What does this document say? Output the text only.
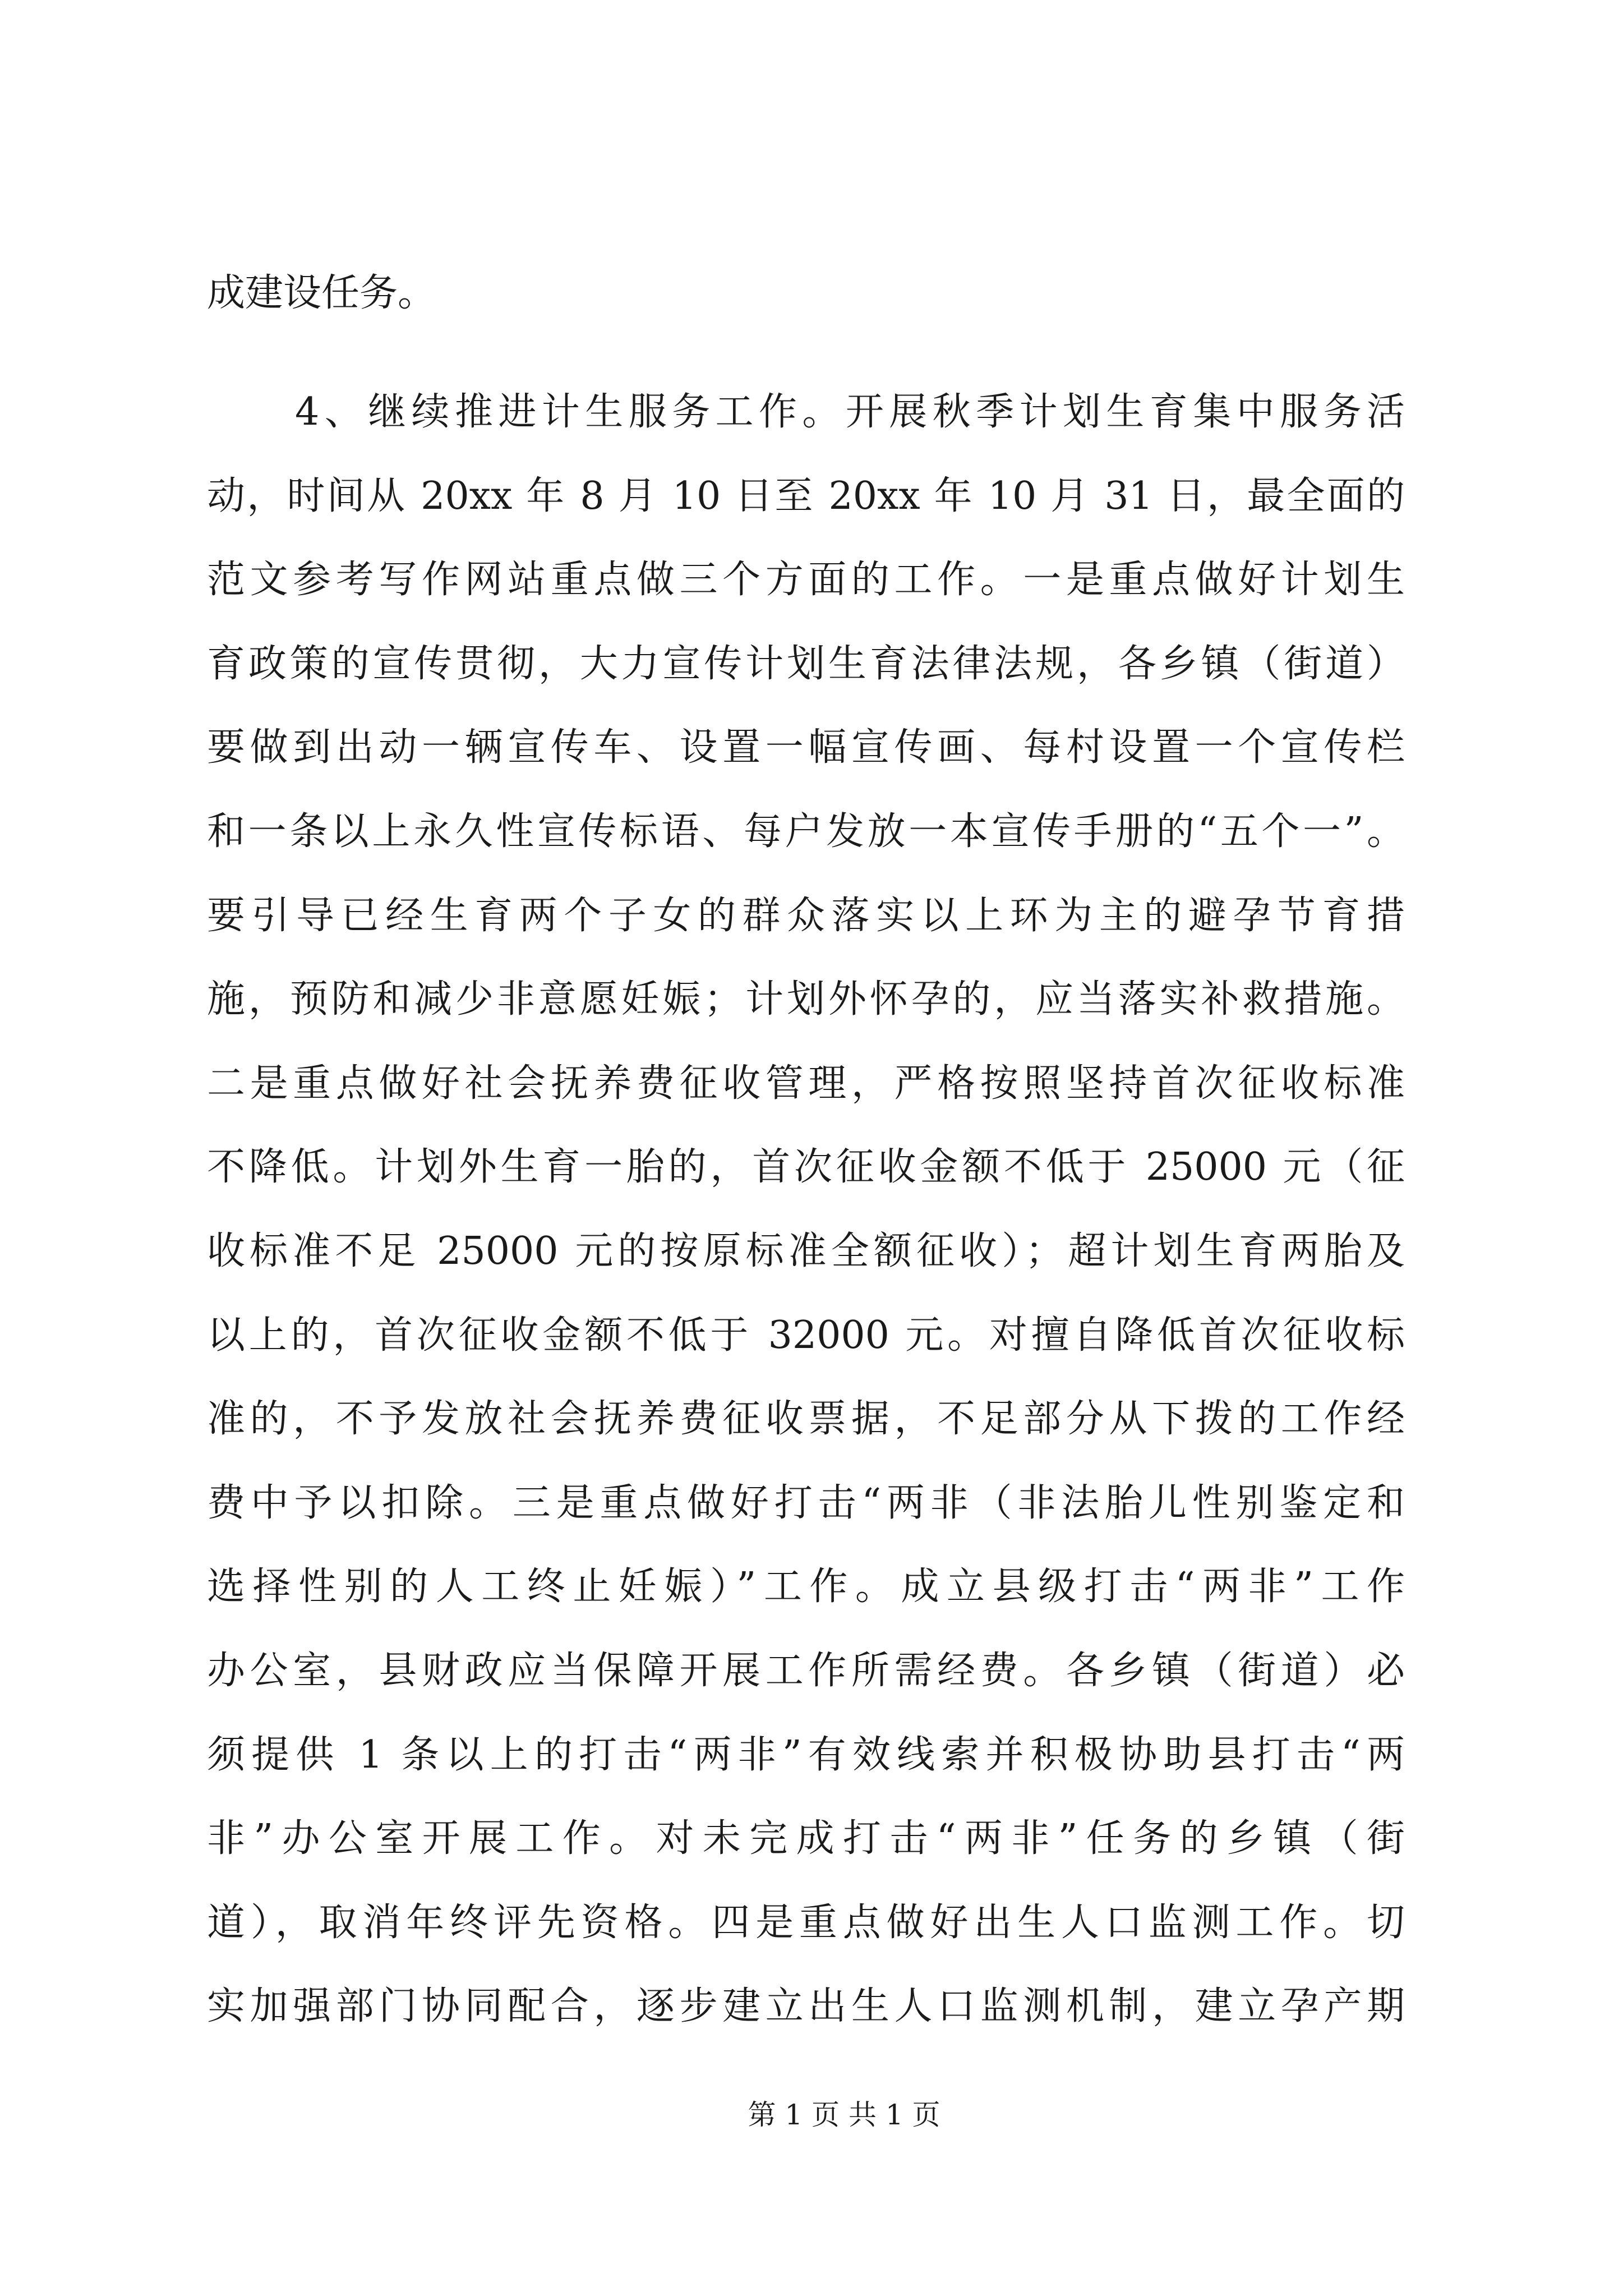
成建设任务。
4、继续推进计生服务工作。开展秋季计划生育集中服务活
动，时间从 20xx 年 8 月 10 日至 20xx 年 10 月 31 日，最全面的
范文参考写作网站重点做三个方面的工作。一是重点做好计划生
育政策的宣传贯彻，大力宣传计划生育法律法规，各乡镇（街道）
要做到出动一辆宣传车、设置一幅宣传画、每村设置一个宣传栏
和一条以上永久性宣传标语、每户发放一本宣传手册的“五个一”。
要引导已经生育两个子女的群众落实以上环为主的避孕节育措
施，预防和减少非意愿妊娠；计划外怀孕的，应当落实补救措施。
二是重点做好社会抚养费征收管理，严格按照坚持首次征收标准
不降低。计划外生育一胎的，首次征收金额不低于 25000 元（征
收标准不足 25000 元的按原标准全额征收）；超计划生育两胎及
以上的，首次征收金额不低于 32000 元。对擅自降低首次征收标
准的，不予发放社会抚养费征收票据，不足部分从下拨的工作经
费中予以扣除。三是重点做好打击“两非（非法胎儿性别鉴定和
选择性别的人工终止妊娠）”工作。成立县级打击“两非”工作
办公室，县财政应当保障开展工作所需经费。各乡镇（街道）必
须提供 1 条以上的打击“两非”有效线索并积极协助县打击“两
非”办公室开展工作。对未完成打击“两非”任务的乡镇（街
道），取消年终评先资格。四是重点做好出生人口监测工作。切
实加强部门协同配合，逐步建立出生人口监测机制，建立孕产期
第 1 页 共 1 页
